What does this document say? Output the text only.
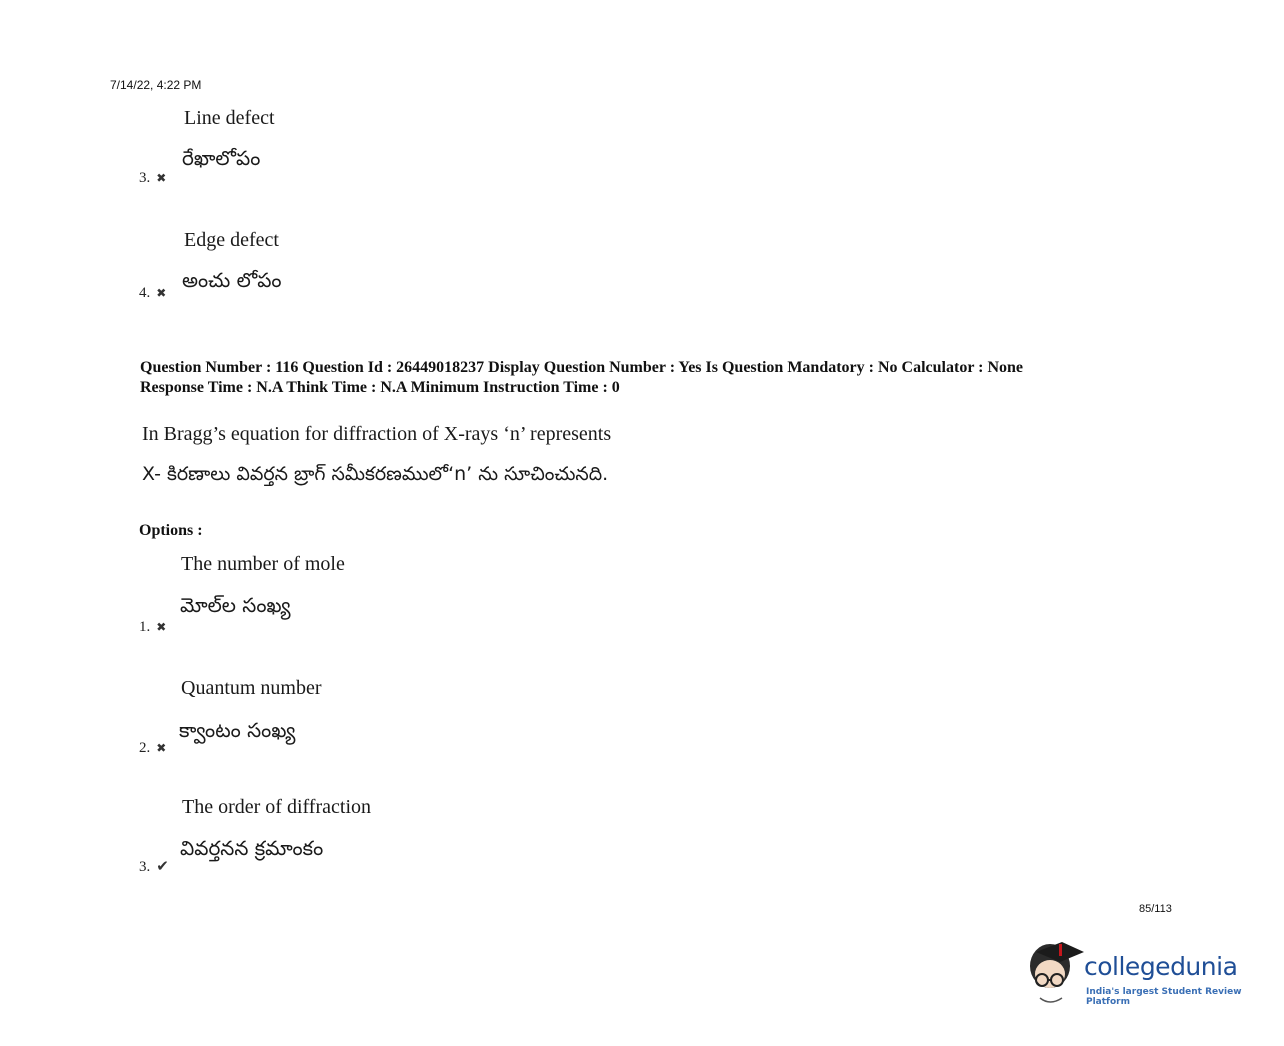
7/14/22, 4:22 PM
Line defect
రేఖాలోపం
3. ✖
Edge defect
అంచు లోపం
4. ✖
Question Number : 116 Question Id : 26449018237 Display Question Number : Yes Is Question Mandatory : No Calculator : None
Response Time : N.A Think Time : N.A Minimum Instruction Time : 0
In Bragg’s equation for diffraction of X-rays ‘n’ represents
X- కిరణాలు వివర్తన బ్రాగ్ సమీకరణములో‘n’ ను సూచించునది.
Options :
The number of mole
మోల్‌ల సంఖ్య
1. ✖
Quantum number
క్వాంటం సంఖ్య
2. ✖
The order of diffraction
వివర్తనన క్రమాంకం
3. ✔
85/113
collegedunia
India's largest Student Review Platform
